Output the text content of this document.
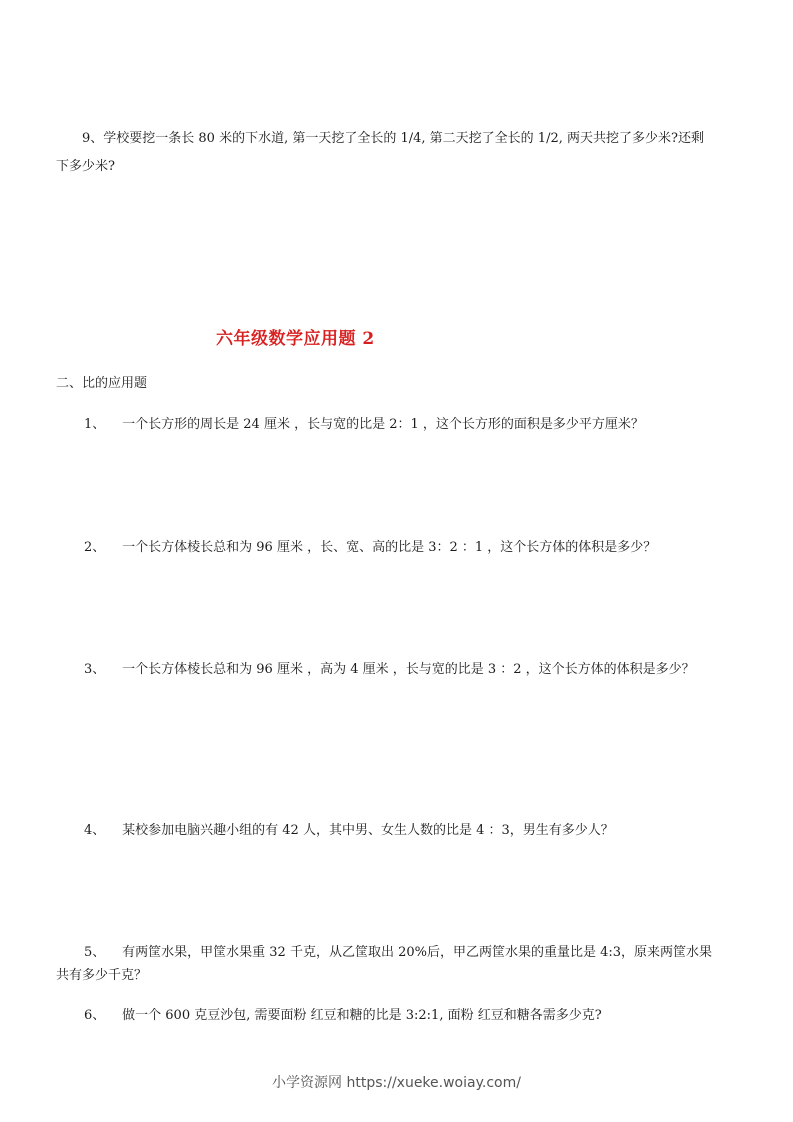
9、学校要挖一条长 80 米的下水道, 第一天挖了全长的 1/4, 第二天挖了全长的 1/2, 两天共挖了多少米?还剩
下多少米?
六年级数学应用题 2
二、比的应用题
1、 一个长方形的周长是 24 厘米 ，长与宽的比是 2：1 ，这个长方形的面积是多少平方厘米？
2、 一个长方体棱长总和为 96 厘米 ，长、宽、高的比是 3：2 ：1 ，这个长方体的体积是多少？
3、 一个长方体棱长总和为 96 厘米 ，高为 4 厘米 ，长与宽的比是 3 ：2 ，这个长方体的体积是多少？
4、 某校参加电脑兴趣小组的有 42 人，其中男、女生人数的比是 4 ：3，男生有多少人？
5、 有两筐水果，甲筐水果重 32 千克，从乙筐取出 20%后，甲乙两筐水果的重量比是 4:3，原来两筐水果
共有多少千克？
6、 做一个 600 克豆沙包, 需要面粉 红豆和糖的比是 3:2:1, 面粉 红豆和糖各需多少克?
小学资源网 https://xueke.woiay.com/
